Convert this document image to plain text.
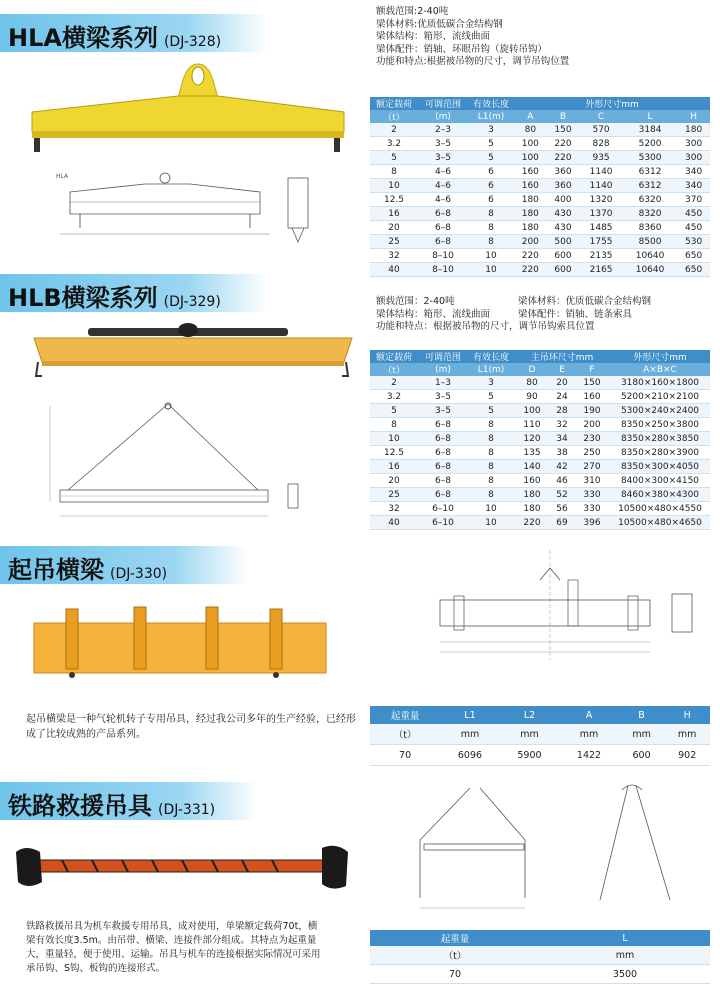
HLA横梁系列 (DJ-328)
HLA
额载范围:2-40吨
梁体材料:优质低碳合金结构钢
梁体结构：箱形、流线曲面
梁体配件：销轴、环眼吊钩（旋转吊钩）
功能和特点:根据被吊物的尺寸，调节吊钩位置
额定载荷	可调范围	有效长度	外形尺寸mm				
（t）	(m)	L1(m)	A	B	C	L	H
2	2–3	3	80	150	570	3184	180
3.2	3–5	5	100	220	828	5200	300
5	3–5	5	100	220	935	5300	300
8	4–6	6	160	360	1140	6312	340
10	4–6	6	160	360	1140	6312	340
12.5	4–6	6	180	400	1320	6320	370
16	6–8	8	180	430	1370	8320	450
20	6–8	8	180	430	1485	8360	450
25	6–8	8	200	500	1755	8500	530
32	8–10	10	220	600	2135	10640	650
40	8–10	10	220	600	2165	10640	650
HLB横梁系列 (DJ-329)	额载范围：2-40吨	梁体材料：优质低碳合金结构钢
梁体结构：箱形、流线曲面	梁体配件：销轴、链条索具
功能和特点：根据被吊物的尺寸，调节吊钩索具位置
额定载荷	可调范围	有效长度	主吊环尺寸mm			外形尺寸mm
（t）	(m)	L1(m)	D	E	F	A×B×C
2	1–3	3	80	20	150	3180×160×1800
3.2	3–5	5	90	24	160	5200×210×2100
5	3–5	5	100	28	190	5300×240×2400
8	6–8	8	110	32	200	8350×250×3800
10	6–8	8	120	34	230	8350×280×3850
12.5	6–8	8	135	38	250	8350×280×3900
16	6–8	8	140	42	270	8350×300×4050
20	6–8	8	160	46	310	8400×300×4150
25	6–8	8	180	52	330	8460×380×4300
32	6–10	10	180	56	330	10500×480×4550
40	6–10	10	220	69	396	10500×480×4650
起吊横梁 (DJ-330)
起吊横梁是一种气轮机转子专用吊具，经过我公司多年的生产经验，已经形成了比较成熟的产品系列。
起重量	L1	L2	A	B	H
（t）	mm	mm	mm	mm	mm
70	6096	5900	1422	600	902
铁路救援吊具 (DJ-331)
铁路救援吊具为机车救援专用吊具，成对使用，单梁额定载荷70t，横梁有效长度3.5m。由吊带、横梁、连接件部分组成。其特点为起重量大，重量轻，便于使用、运输。吊具与机车的连接根据实际情况可采用承吊钩、S钩、板钩的连接形式。
起重量	L
（t）	mm
70	3500
